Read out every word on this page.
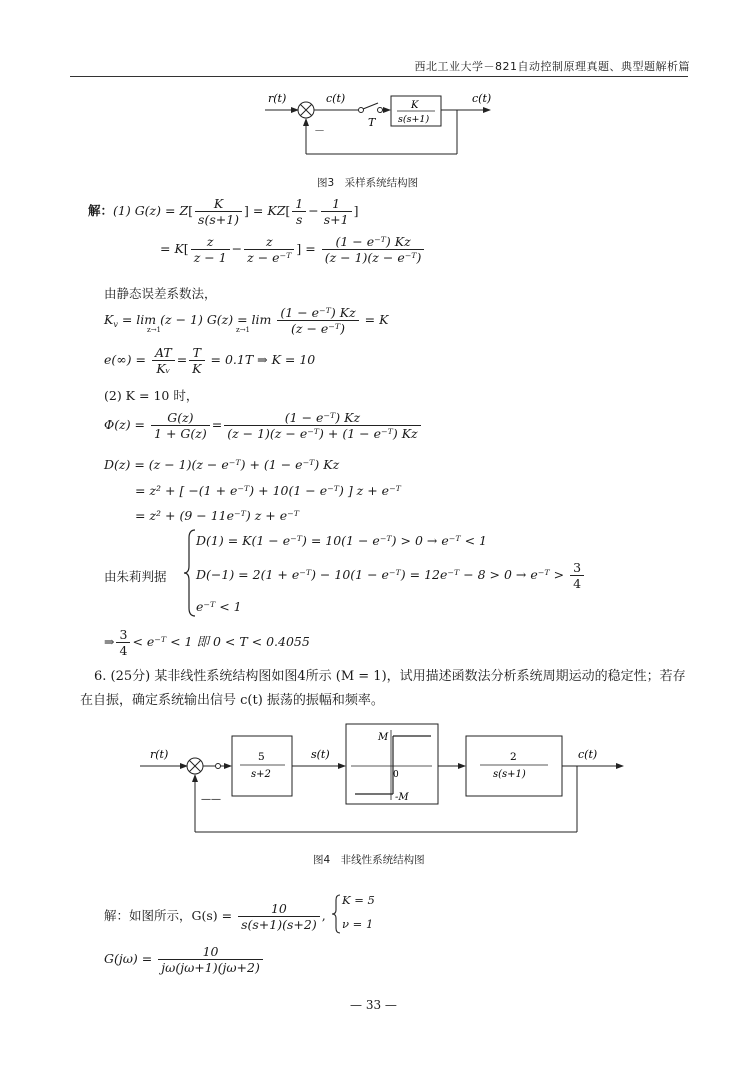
西北工业大学－821自动控制原理真题、典型题解析篇
r(t)	c(t)
T
K
s(s+1)
c(t)
－
图3　采样系统结构图
解：(1) $G(z) = Z[ \frac{K}{s(s+1)}$ ] = $KZ[ \frac{1}{s} - \frac{1}{s+1}$ ]
= $K[ \frac{z}{z - 1} - \frac{z}{\text{z − e⁻ᵀ}}$ ] = $\frac{\text{(1 − e⁻ᵀ) Kz}}{\text{(z − 1)(z − e⁻ᵀ)}}$
由静态误差系数法，
$K_v = \lim (z - 1) G(z) = \lim \frac{\text{(1 − e⁻ᵀ) Kz}}{\text{(z − e⁻ᵀ)}} = K$
z→1	z→1
$e(\infty) = \frac{AT}{\text{Kᵥ}} = \frac{T}{K} = 0.1T$ ⇒ K = 10
(2) K = 10 时，
$\Phi(z) = \frac{G(z)}{1 + G(z)} = \frac{\text{(1 − e⁻ᵀ) Kz}}{\text{(z − 1)(z − e⁻ᵀ) + (1 − e⁻ᵀ) Kz}}$
D(z) = (z − 1)(z − e⁻ᵀ) + (1 − e⁻ᵀ) Kz
= z² + [ −(1 + e⁻ᵀ) + 10(1 − e⁻ᵀ) ] z + e⁻ᵀ
= z² + (9 − 11e⁻ᵀ) z + e⁻ᵀ
由朱莉判据
D(1) = K(1 − e⁻ᵀ) = 10(1 − e⁻ᵀ) > 0 → e⁻ᵀ < 1
D(−1) = 2(1 + e⁻ᵀ) − 10(1 − e⁻ᵀ) = 12e⁻ᵀ − 8 > 0 → e⁻ᵀ > $\frac{3}{4}$
e⁻ᵀ < 1
⇒ $\frac{3}{4}$ < e⁻ᵀ < 1 即 0 < T < 0.4055
6. (25分) 某非线性系统结构图如图4所示 (M = 1)，试用描述函数法分析系统周期运动的稳定性；若存在自振，确定系统输出信号 c(t) 振荡的振幅和频率。
r(t)	5
s+2
s(t)
M
0
-M
2
s(s+1)
c(t)
——
图4　非线性系统结构图
解：如图所示，$G(s) = \frac{10}{s(s+1)(s+2)}$ ,
K = 5
ν = 1
$G(j\omega) = \frac{10}{j\omega(j\omega+1)(j\omega+2)}$
— 33 —
